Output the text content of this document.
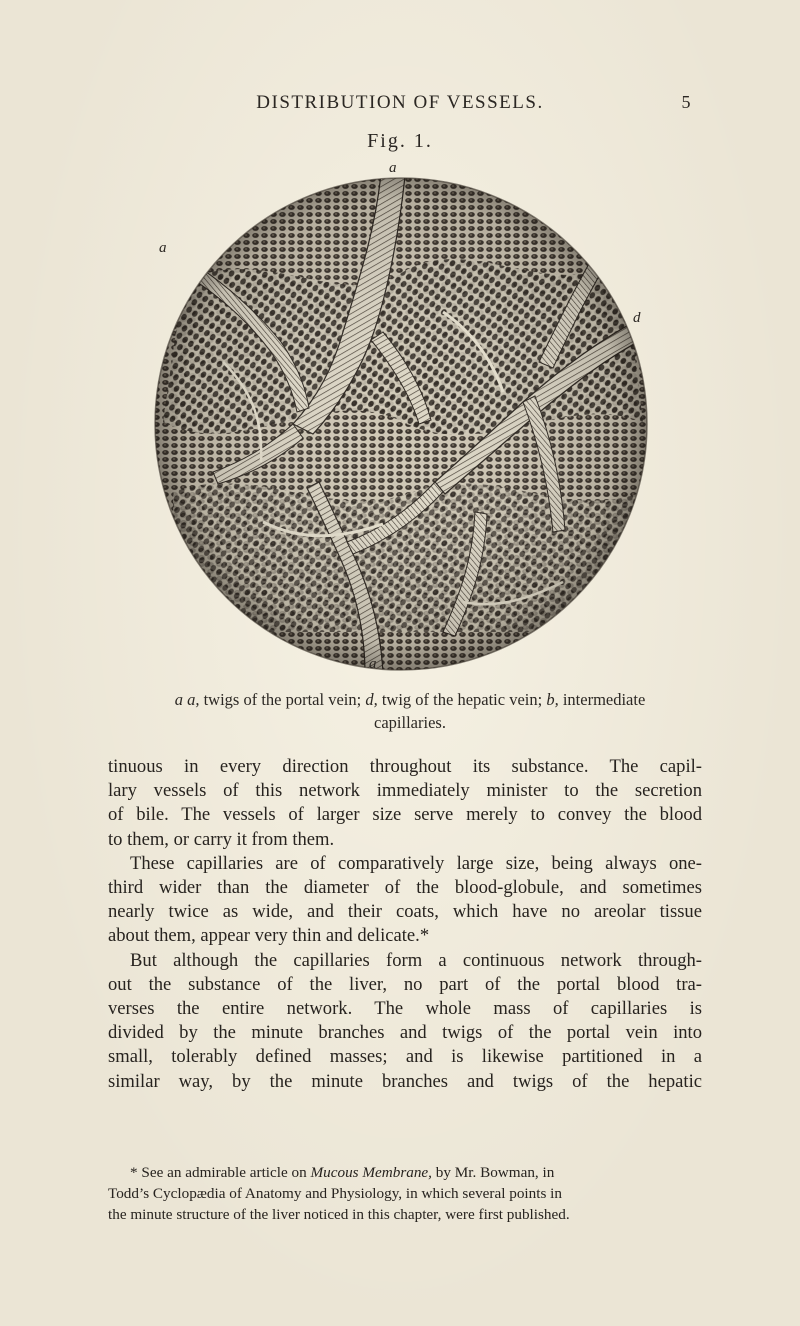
DISTRIBUTION OF VESSELS.	5
Fig. 1.
a
a
d
a
a a, twigs of the portal vein; d, twig of the hepatic vein; b, intermediate capillaries.

tinuous in every direction throughout its substance. The capil-

lary vessels of this network immediately minister to the secretion

of bile. The vessels of larger size serve merely to convey the blood

to them, or carry it from them.

These capillaries are of comparatively large size, being always one-

third wider than the diameter of the blood-globule, and sometimes

nearly twice as wide, and their coats, which have no areolar tissue

about them, appear very thin and delicate.*

But although the capillaries form a continuous network through-

out the substance of the liver, no part of the portal blood tra-

verses the entire network. The whole mass of capillaries is

divided by the minute branches and twigs of the portal vein into

small, tolerably defined masses; and is likewise partitioned in a

similar way, by the minute branches and twigs of the hepatic

* See an admirable article on Mucous Membrane, by Mr. Bowman, in

Todd’s Cyclopædia of Anatomy and Physiology, in which several points in

the minute structure of the liver noticed in this chapter, were first published.
